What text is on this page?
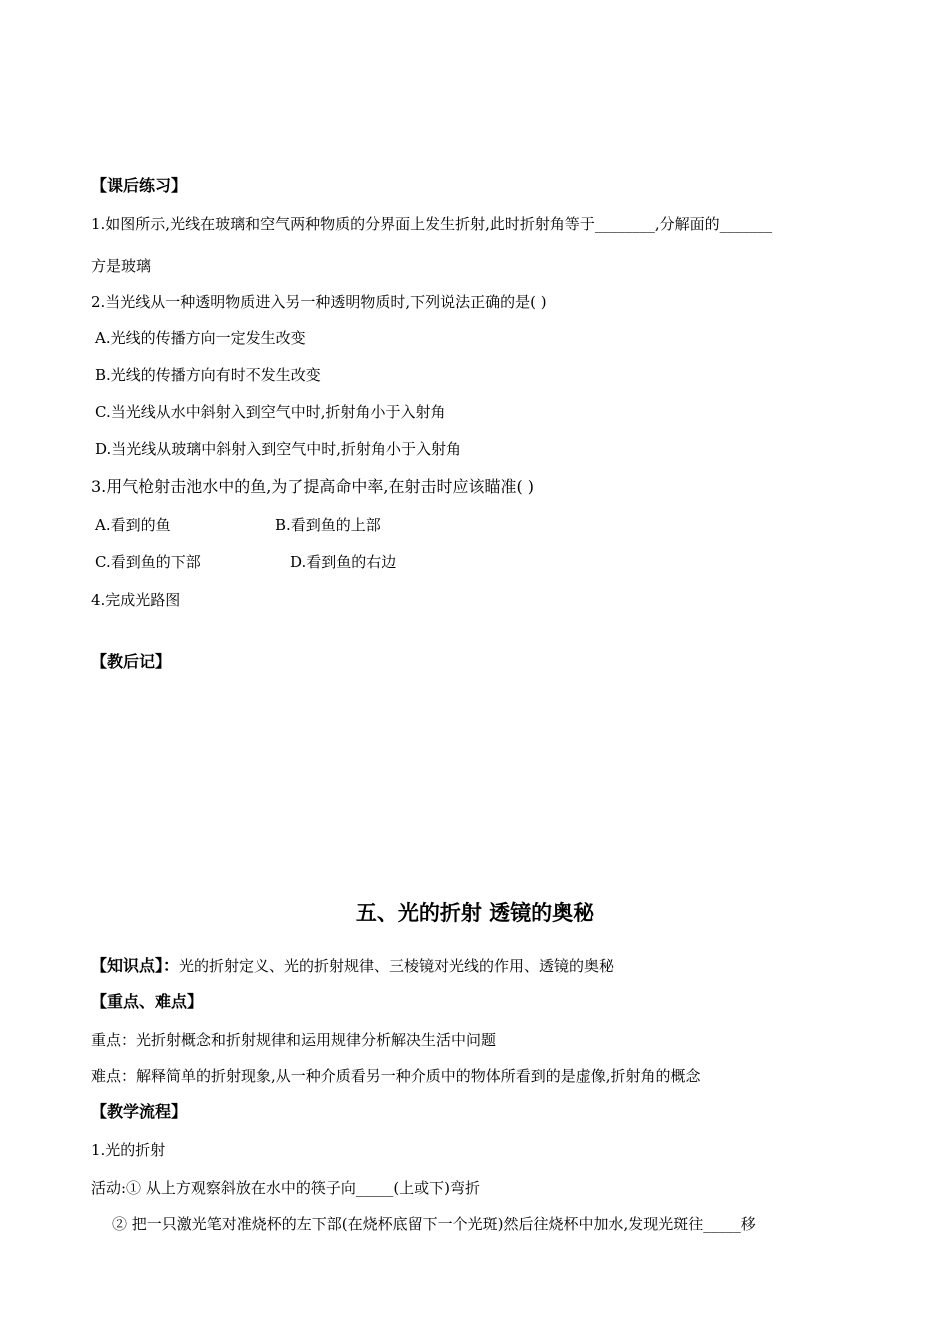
【课后练习】
1.如图所示,光线在玻璃和空气两种物质的分界面上发生折射,此时折射角等于________,分解面的_______
方是玻璃
2.当光线从一种透明物质进入另一种透明物质时,下列说法正确的是( )
A.光线的传播方向一定发生改变
B.光线的传播方向有时不发生改变
C.当光线从水中斜射入到空气中时,折射角小于入射角
D.当光线从玻璃中斜射入到空气中时,折射角小于入射角
3.用气枪射击池水中的鱼,为了提高命中率,在射击时应该瞄准( )
A.看到的鱼	B.看到鱼的上部
C.看到鱼的下部	D.看到鱼的右边
4.完成光路图
【教后记】
五、光的折射 透镜的奥秘
【知识点】：光的折射定义、光的折射规律、三棱镜对光线的作用、透镜的奥秘
【重点、难点】
重点：光折射概念和折射规律和运用规律分析解决生活中问题
难点：解释简单的折射现象,从一种介质看另一种介质中的物体所看到的是虚像,折射角的概念
【教学流程】
1.光的折射
活动:① 从上方观察斜放在水中的筷子向_____(上或下)弯折
② 把一只激光笔对准烧杯的左下部(在烧杯底留下一个光斑)然后往烧杯中加水,发现光斑往_____移
